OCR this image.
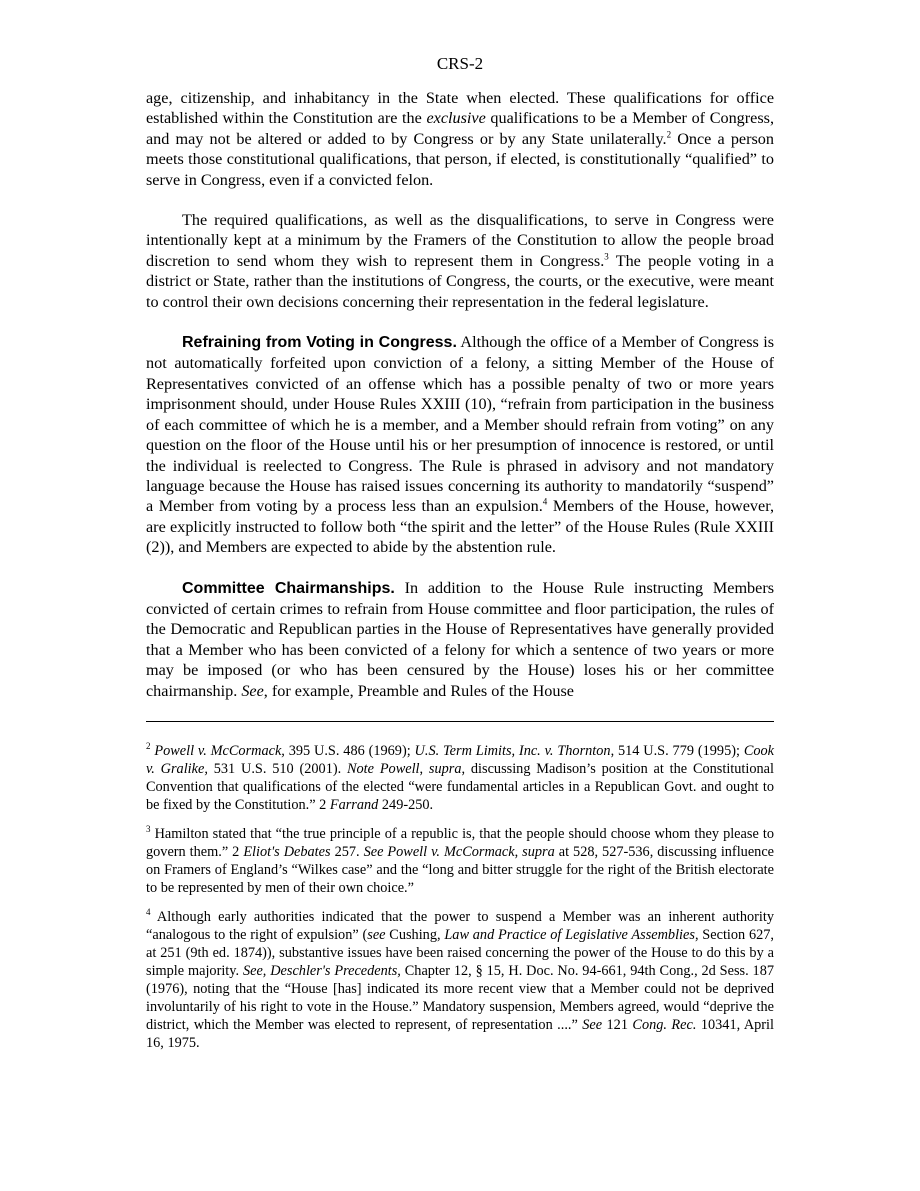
CRS-2

age, citizenship, and inhabitancy in the State when elected. These qualifications for office established within the Constitution are the exclusive qualifications to be a Member of Congress, and may not be altered or added to by Congress or by any State unilaterally.$^2$ Once a person meets those constitutional qualifications, that person, if elected, is constitutionally “qualified” to serve in Congress, even if a convicted felon.

The required qualifications, as well as the disqualifications, to serve in Congress were intentionally kept at a minimum by the Framers of the Constitution to allow the people broad discretion to send whom they wish to represent them in Congress.$^3$ The people voting in a district or State, rather than the institutions of Congress, the courts, or the executive, were meant to control their own decisions concerning their representation in the federal legislature.

Refraining from Voting in Congress. Although the office of a Member of Congress is not automatically forfeited upon conviction of a felony, a sitting Member of the House of Representatives convicted of an offense which has a possible penalty of two or more years imprisonment should, under House Rules XXIII (10), “refrain from participation in the business of each committee of which he is a member, and a Member should refrain from voting” on any question on the floor of the House until his or her presumption of innocence is restored, or until the individual is reelected to Congress. The Rule is phrased in advisory and not mandatory language because the House has raised issues concerning its authority to mandatorily “suspend” a Member from voting by a process less than an expulsion.$^4$ Members of the House, however, are explicitly instructed to follow both “the spirit and the letter” of the House Rules (Rule XXIII (2)), and Members are expected to abide by the abstention rule.

Committee Chairmanships. In addition to the House Rule instructing Members convicted of certain crimes to refrain from House committee and floor participation, the rules of the Democratic and Republican parties in the House of Representatives have generally provided that a Member who has been convicted of a felony for which a sentence of two years or more may be imposed (or who has been censured by the House) loses his or her committee chairmanship. See, for example, Preamble and Rules of the House

$^2$ Powell v. McCormack, 395 U.S. 486 (1969); U.S. Term Limits, Inc. v. Thornton, 514 U.S. 779 (1995); Cook v. Gralike, 531 U.S. 510 (2001). Note Powell, supra, discussing Madison’s position at the Constitutional Convention that qualifications of the elected “were fundamental articles in a Republican Govt. and ought to be fixed by the Constitution.” 2 Farrand 249-250.

$^3$ Hamilton stated that “the true principle of a republic is, that the people should choose whom they please to govern them.” 2 Eliot's Debates 257. See Powell v. McCormack, supra at 528, 527-536, discussing influence on Framers of England’s “Wilkes case” and the “long and bitter struggle for the right of the British electorate to be represented by men of their own choice.”

$^4$ Although early authorities indicated that the power to suspend a Member was an inherent authority “analogous to the right of expulsion” (see Cushing, Law and Practice of Legislative Assemblies, Section 627, at 251 (9th ed. 1874)), substantive issues have been raised concerning the power of the House to do this by a simple majority. See, Deschler's Precedents, Chapter 12, § 15, H. Doc. No. 94-661, 94th Cong., 2d Sess. 187 (1976), noting that the “House [has] indicated its more recent view that a Member could not be deprived involuntarily of his right to vote in the House.” Mandatory suspension, Members agreed, would “deprive the district, which the Member was elected to represent, of representation ....” See 121 Cong. Rec. 10341, April 16, 1975.
